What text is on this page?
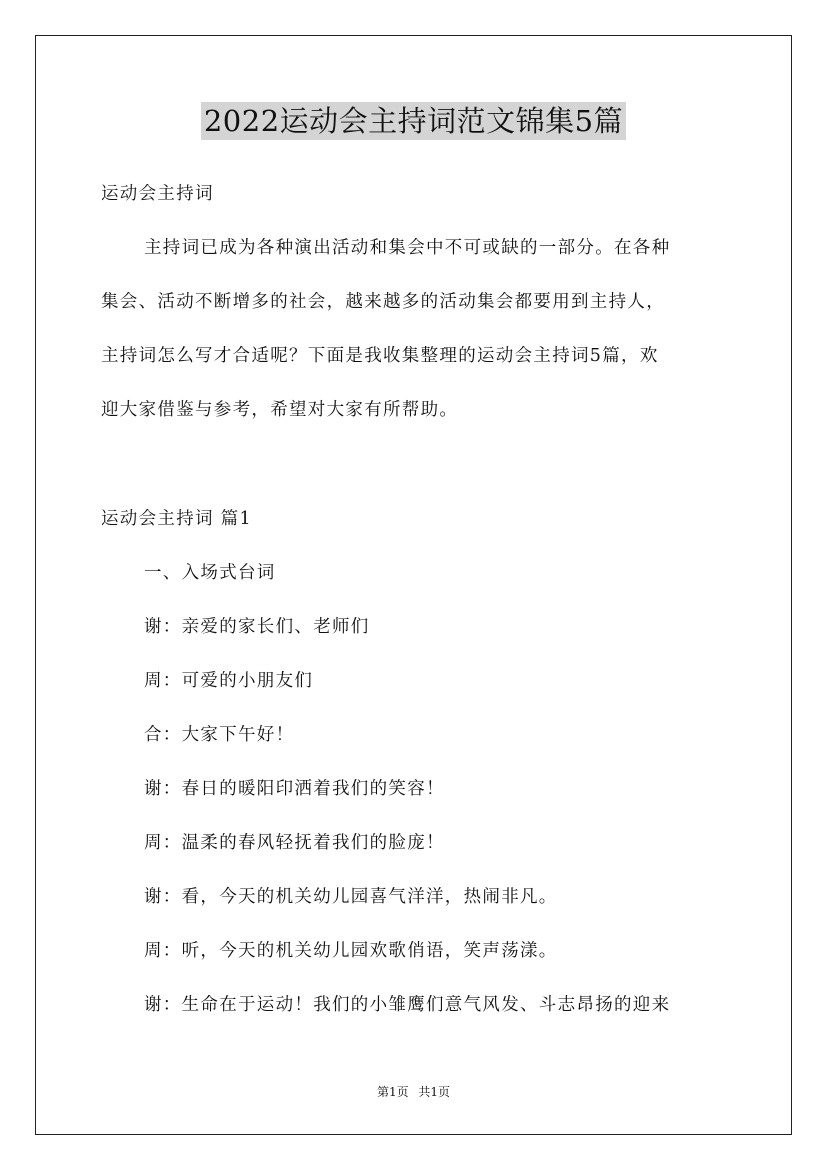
2022运动会主持词范文锦集5篇
运动会主持词
主持词已成为各种演出活动和集会中不可或缺的一部分。在各种
集会、活动不断增多的社会，越来越多的活动集会都要用到主持人，
主持词怎么写才合适呢？下面是我收集整理的运动会主持词5篇，欢
迎大家借鉴与参考，希望对大家有所帮助。
运动会主持词 篇1
一、入场式台词
谢：亲爱的家长们、老师们
周：可爱的小朋友们
合：大家下午好！
谢：春日的暖阳印洒着我们的笑容！
周：温柔的春风轻抚着我们的脸庞！
谢：看，今天的机关幼儿园喜气洋洋，热闹非凡。
周：听，今天的机关幼儿园欢歌俏语，笑声荡漾。
谢：生命在于运动！我们的小雏鹰们意气风发、斗志昂扬的迎来
第1页 共1页
